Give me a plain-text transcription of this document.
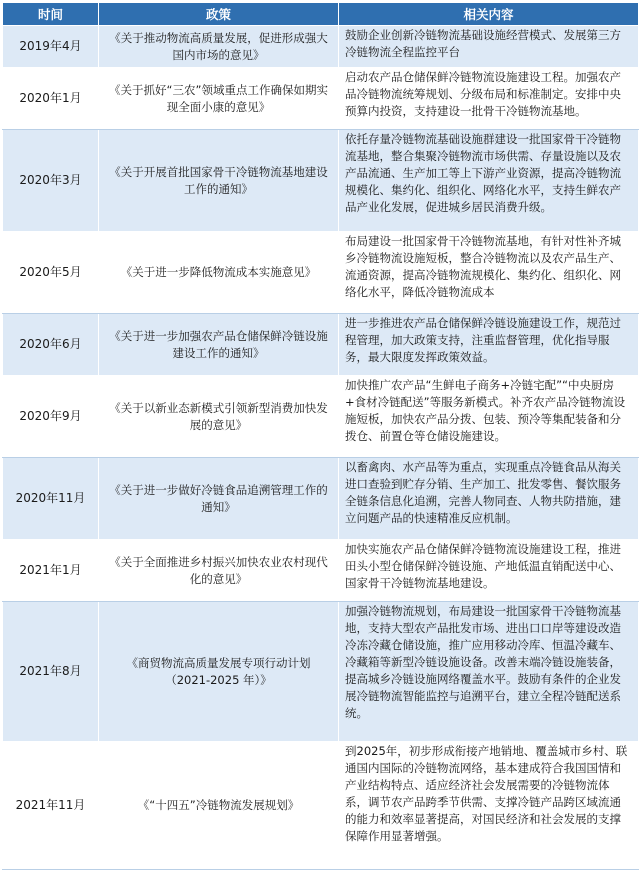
时间	政策	相关内容
2019年4月	《关于推动物流高质量发展，促进形成强大国内市场的意见》	鼓励企业创新冷链物流基础设施经营模式、发展第三方冷链物流全程监控平台
2020年1月	《关于抓好“三农”领域重点工作确保如期实现全面小康的意见》	启动农产品仓储保鲜冷链物流设施建设工程。加强农产品冷链物流统筹规划、分级布局和标准制定。安排中央预算内投资，支持建设一批骨干冷链物流基地。
2020年3月	《关于开展首批国家骨干冷链物流基地建设工作的通知》	依托存量冷链物流基础设施群建设一批国家骨干冷链物流基地，整合集聚冷链物流市场供需、存量设施以及农产品流通、生产加工等上下游产业资源，提高冷链物流规模化、集约化、组织化、网络化水平，支持生鲜农产品产业化发展，促进城乡居民消费升级。
2020年5月	《关于进一步降低物流成本实施意见》	布局建设一批国家骨干冷链物流基地，有针对性补齐城乡冷链物流设施短板，整合冷链物流以及农产品生产、流通资源，提高冷链物流规模化、集约化、组织化、网络化水平，降低冷链物流成本
2020年6月	《关于进一步加强农产品仓储保鲜冷链设施建设工作的通知》	进一步推进农产品仓储保鲜冷链设施建设工作，规范过程管理，加大政策支持，注重监督管理，优化指导服务，最大限度发挥政策效益。
2020年9月	《关于以新业态新模式引领新型消费加快发展的意见》	加快推广农产品“生鲜电子商务+冷链宅配”“中央厨房+食材冷链配送”等服务新模式。补齐农产品冷链物流设施短板，加快农产品分拨、包装、预冷等集配装备和分拨仓、前置仓等仓储设施建设。
2020年11月	《关于进一步做好冷链食品追溯管理工作的通知》	以畜禽肉、水产品等为重点，实现重点冷链食品从海关进口查验到贮存分销、生产加工、批发零售、餐饮服务全链条信息化追溯，完善人物同查、人物共防措施，建立问题产品的快速精准反应机制。
2021年1月	《关于全面推进乡村振兴加快农业农村现代化的意见》	加快实施农产品仓储保鲜冷链物流设施建设工程，推进田头小型仓储保鲜冷链设施、产地低温直销配送中心、国家骨干冷链物流基地建设。
2021年8月	《商贸物流高质量发展专项行动计划（2021-2025 年）》	加强冷链物流规划，布局建设一批国家骨干冷链物流基地，支持大型农产品批发市场、进出口口岸等建设改造冷冻冷藏仓储设施，推广应用移动冷库、恒温冷藏车、冷藏箱等新型冷链设施设备。改善末端冷链设施装备，提高城乡冷链设施网络覆盖水平。鼓励有条件的企业发展冷链物流智能监控与追溯平台，建立全程冷链配送系统。
2021年11月	《“十四五”冷链物流发展规划》	到2025年，初步形成衔接产地销地、覆盖城市乡村、联通国内国际的冷链物流网络，基本建成符合我国国情和产业结构特点、适应经济社会发展需要的冷链物流体系，调节农产品跨季节供需、支撑冷链产品跨区域流通的能力和效率显著提高，对国民经济和社会发展的支撑保障作用显著增强。
